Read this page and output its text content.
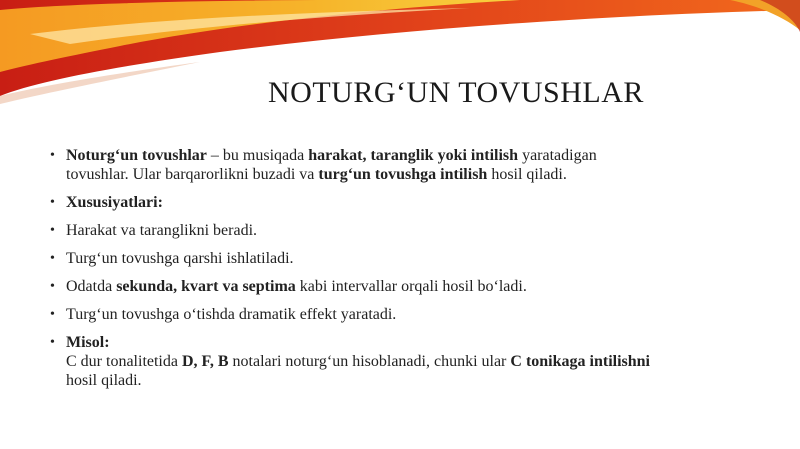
NOTURG‘UN TOVUSHLAR
• Noturg‘un tovushlar – bu musiqada harakat, taranglik yoki intilish yaratadigan
tovushlar. Ular barqarorlikni buzadi va turg‘un tovushga intilish hosil qiladi.
• Xususiyatlari:
• Harakat va taranglikni beradi.
• Turg‘un tovushga qarshi ishlatiladi.
• Odatda sekunda, kvart va septima kabi intervallar orqali hosil bo‘ladi.
• Turg‘un tovushga o‘tishda dramatik effekt yaratadi.
• Misol:
C dur tonalitetida D, F, B notalari noturg‘un hisoblanadi, chunki ular C tonikaga intilishni
hosil qiladi.
